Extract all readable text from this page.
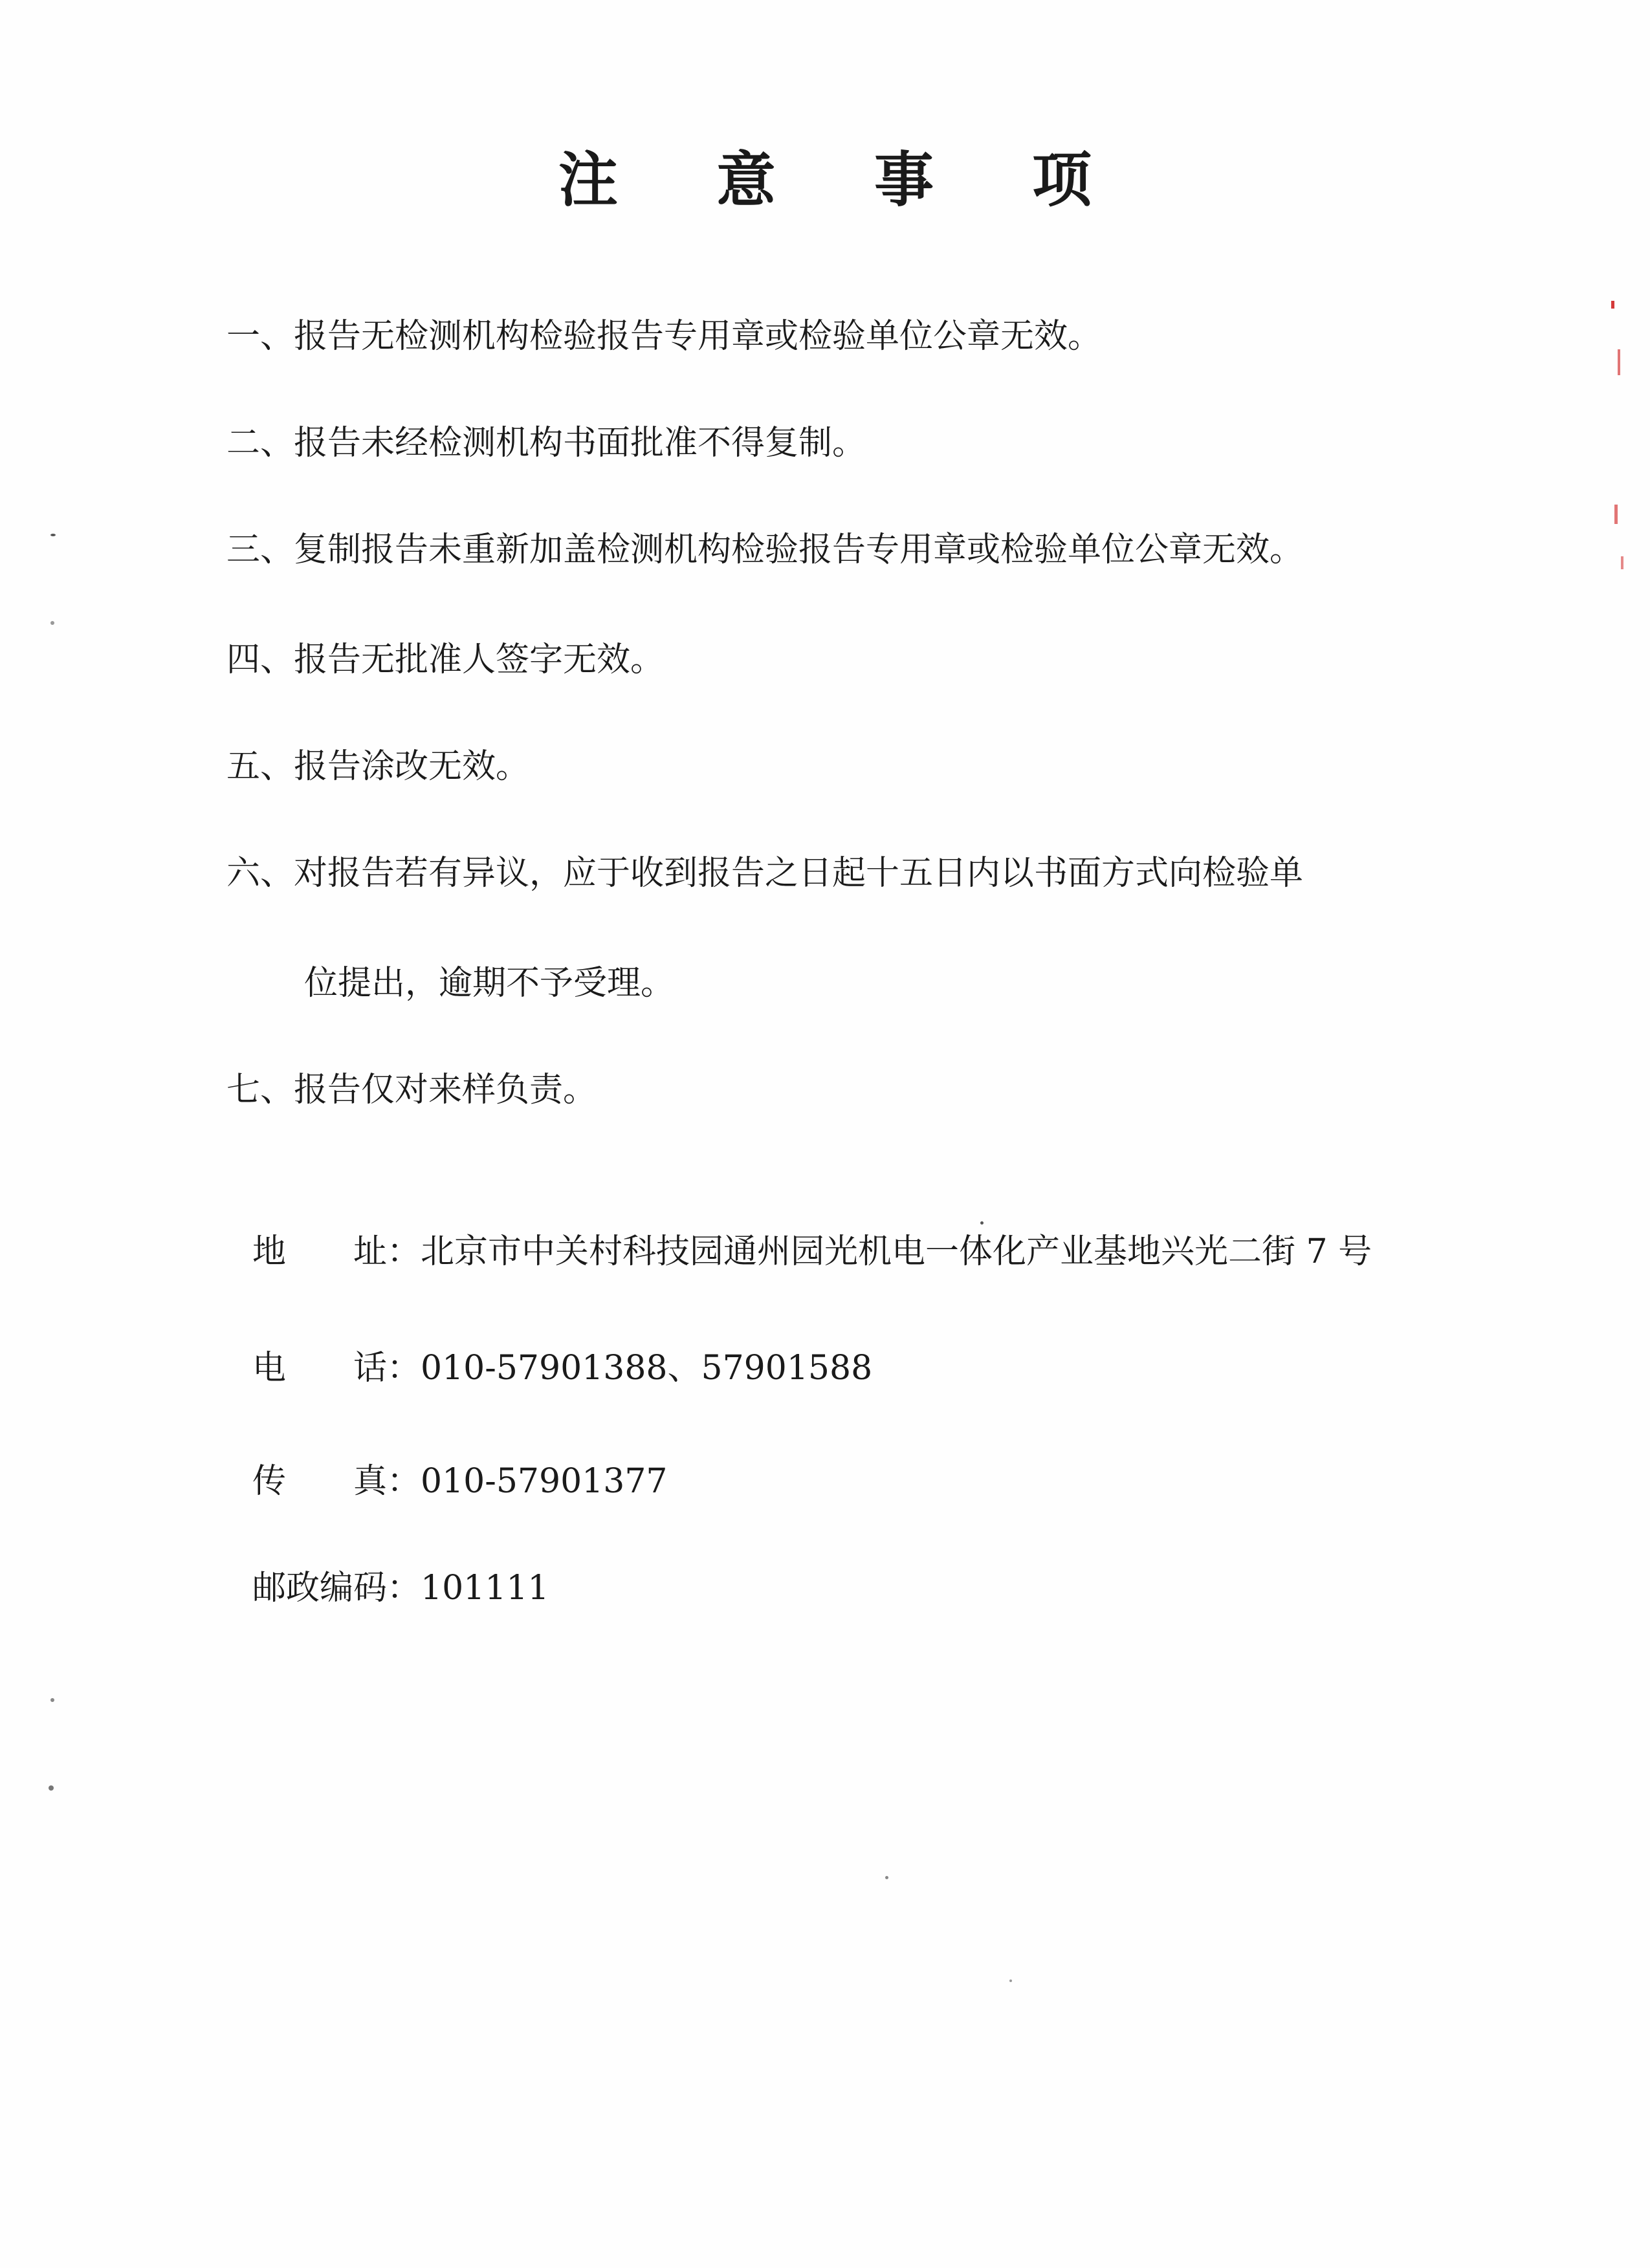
注 意 事 项
一、报告无检测机构检验报告专用章或检验单位公章无效。
二、报告未经检测机构书面批准不得复制。
三、复制报告未重新加盖检测机构检验报告专用章或检验单位公章无效。
四、报告无批准人签字无效。
五、报告涂改无效。
六、对报告若有异议，应于收到报告之日起十五日内以书面方式向检验单
位提出，逾期不予受理。
七、报告仅对来样负责。
地　　址：北京市中关村科技园通州园光机电一体化产业基地兴光二街 7 号
电　　话：010-57901388、57901588
传　　真：010-57901377
邮政编码：101111
